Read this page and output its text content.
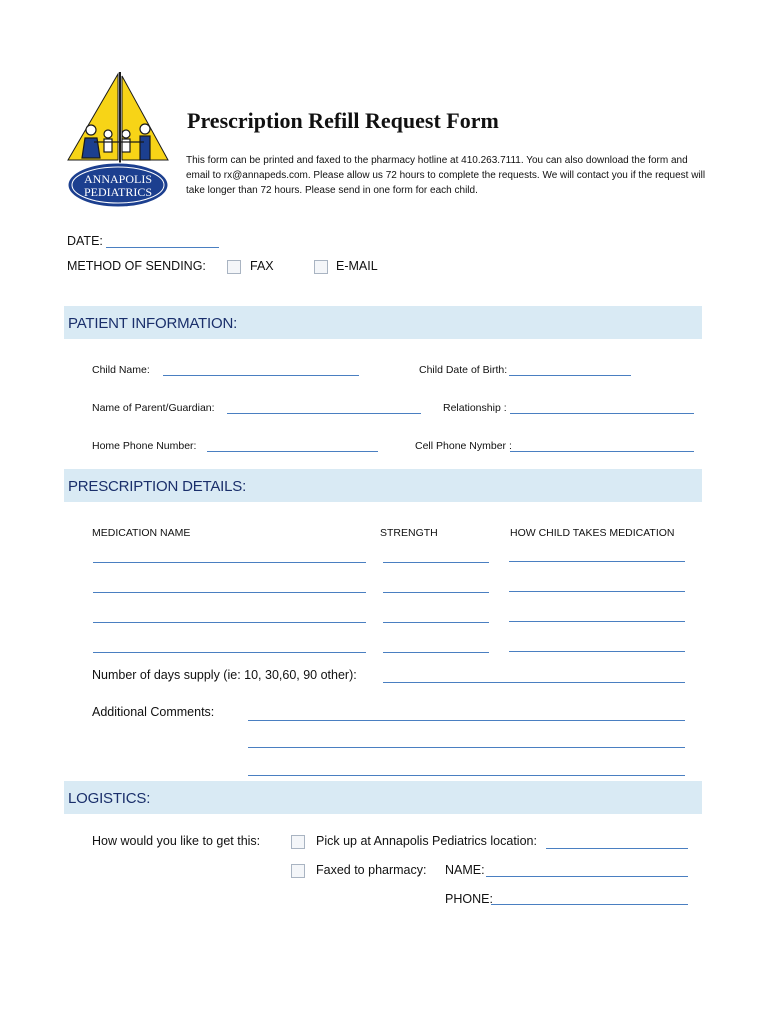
ANNAPOLIS
PEDIATRICS
Prescription Refill Request Form
This form can be printed and faxed to the pharmacy hotline at 410.263.7111. You can also download the form and email to rx@annapeds.com. Please allow us 72 hours to complete the requests. We will contact you if the request will take longer than 72 hours. Please send in one form for each child.
DATE:
METHOD OF SENDING:	FAX	E-MAIL
PATIENT INFORMATION:
Child Name:	Child Date of Birth:
Name of Parent/Guardian:	Relationship :
Home Phone Number:	Cell Phone Nymber :
PRESCRIPTION DETAILS:
MEDICATION NAME	STRENGTH	HOW CHILD TAKES MEDICATION
Number of days supply (ie: 10, 30,60, 90 other):
Additional Comments:
LOGISTICS:
How would you like to get this:	Pick up at Annapolis Pediatrics location:
Faxed to pharmacy: NAME:
PHONE:
